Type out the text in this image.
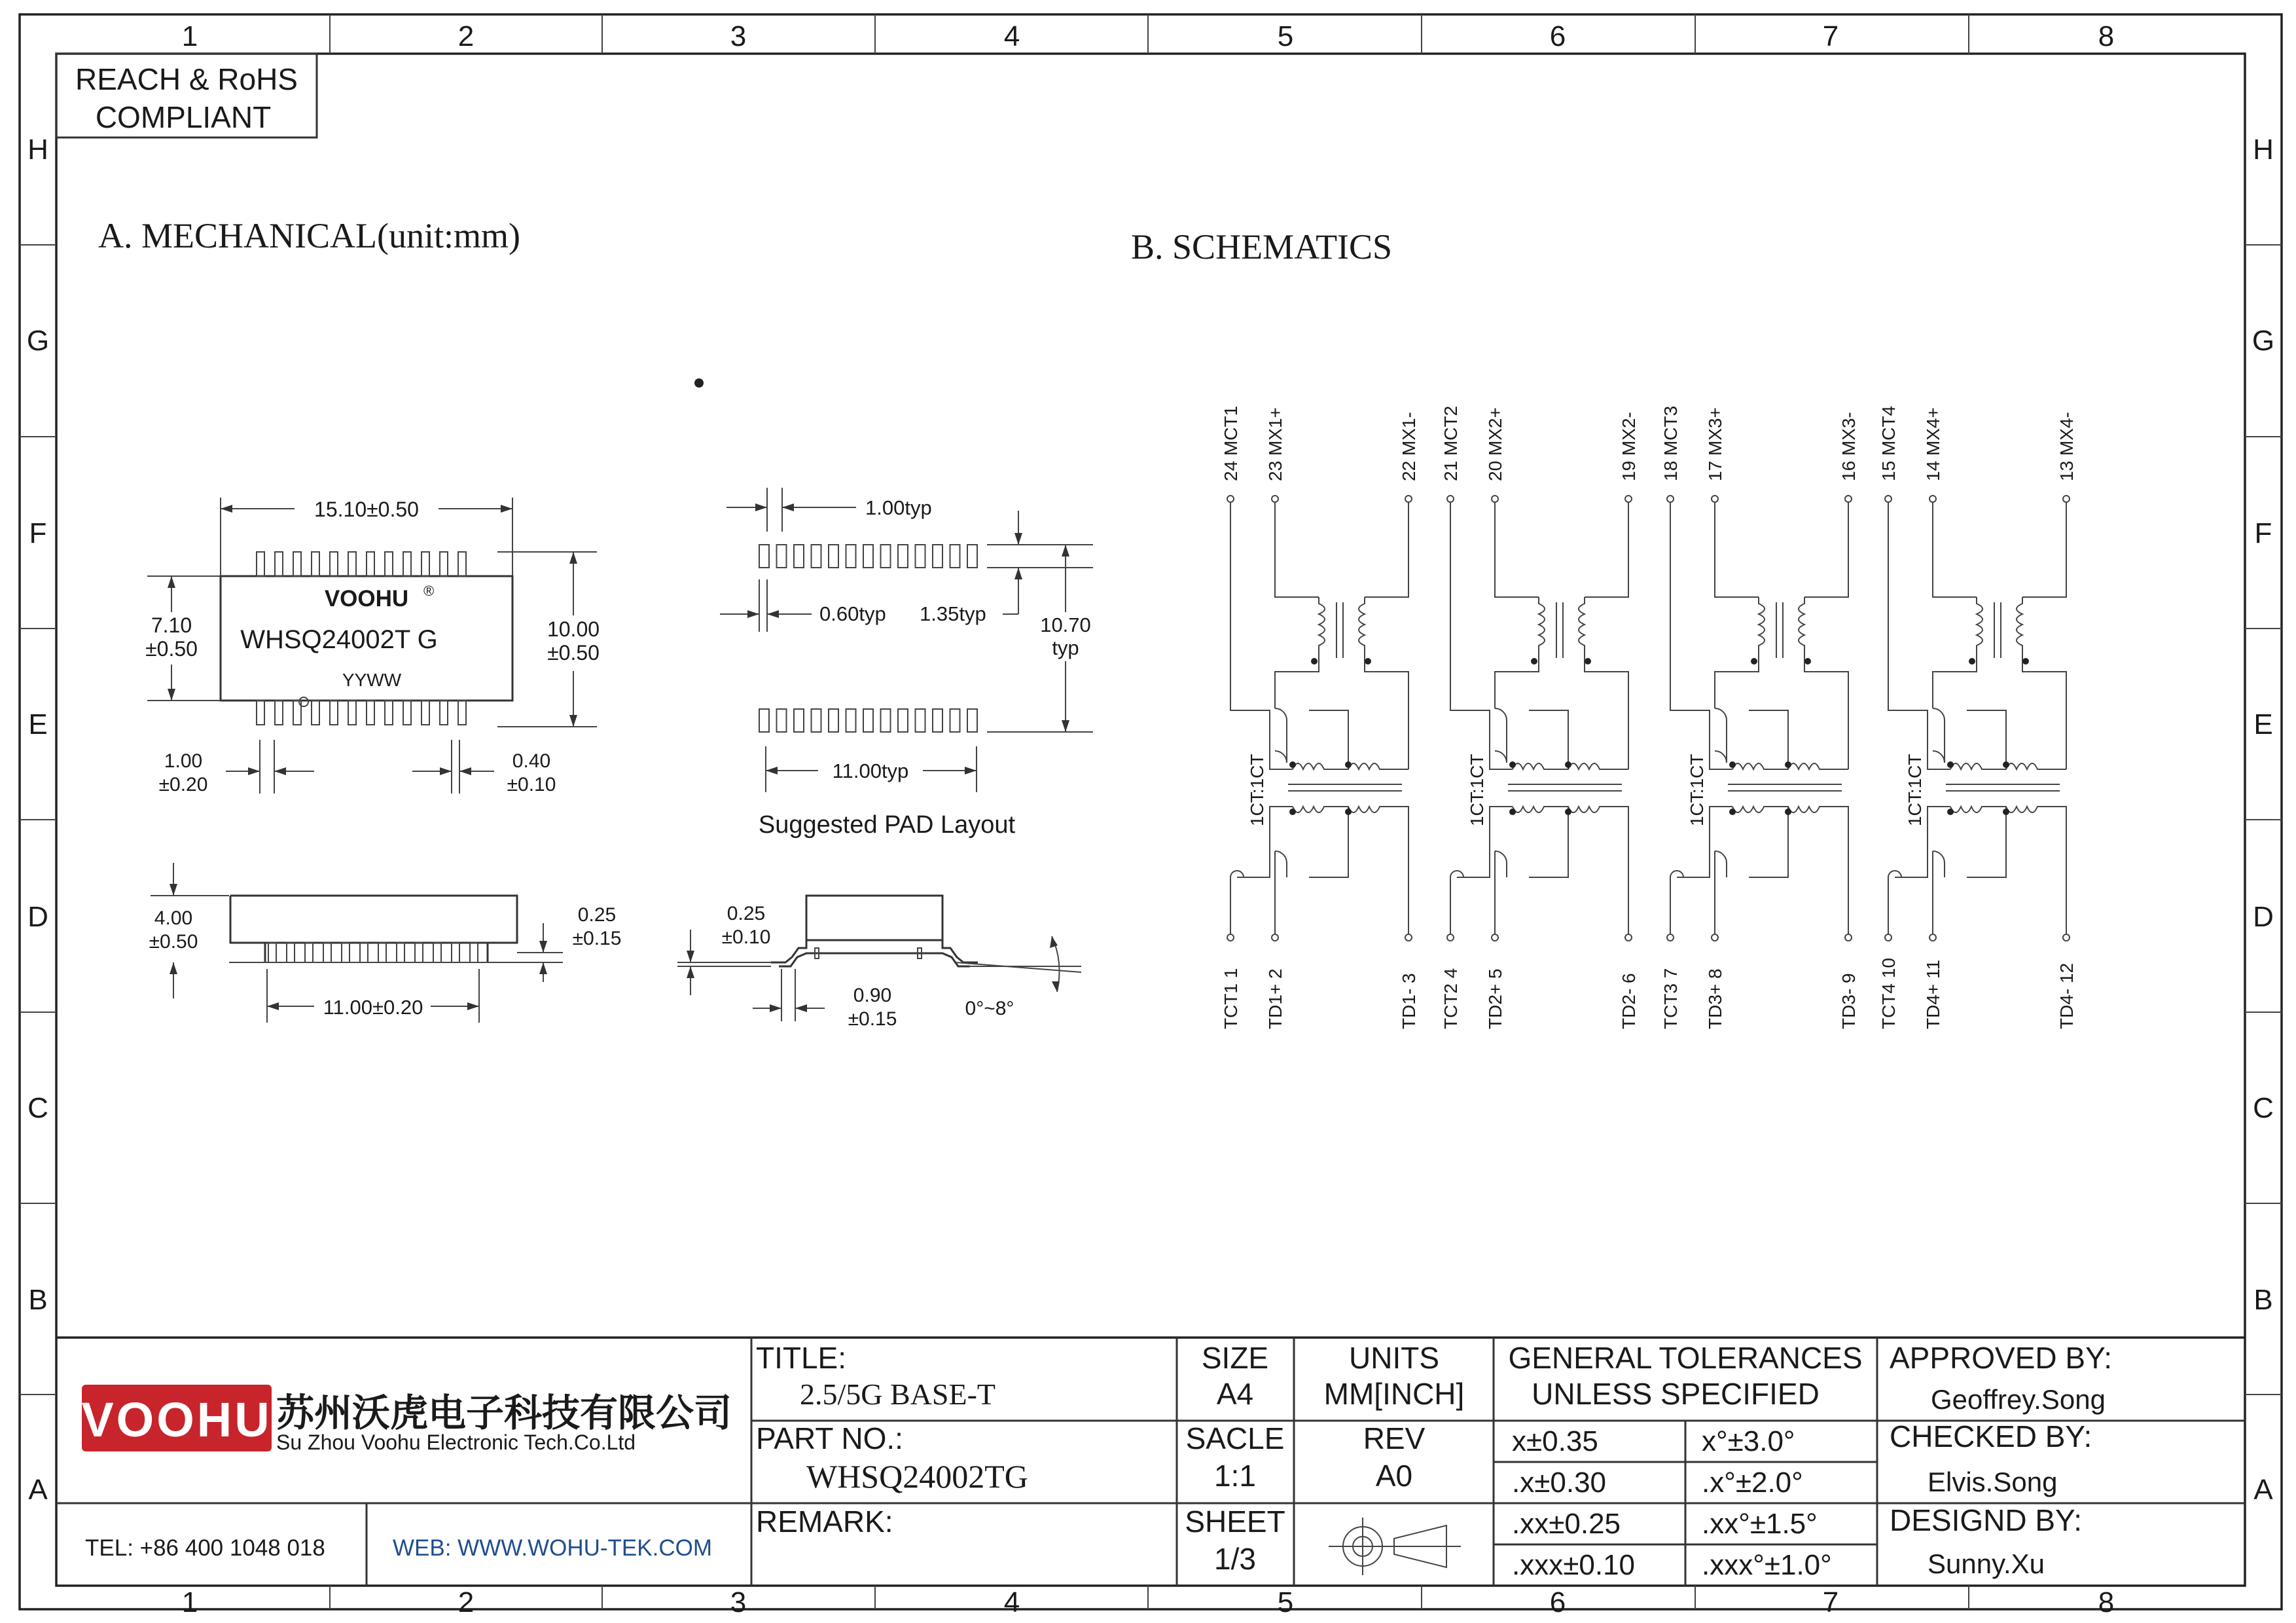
1
1
2
2
3
3
4
4
5
5
6
6
7
7
8
8
H	H
G	G
F	F
E	E
D	D
C	C
B	B
A	A
REACH & RoHS
COMPLIANT
A. MECHANICAL(unit:mm)	B. SCHEMATICS
VOOHU ®
WHSQ24002T G
YYWW
15.10±0.50
7.10
±0.50
10.00
±0.50
1.00
±0.20
0.40
±0.10
1.00typ
0.60typ 1.35typ	10.70
typ
11.00typ
Suggested PAD Layout
4.00
±0.50
0.25
±0.15
11.00±0.20
0.25
±0.10
0.90
±0.15	0°~8°
24 MCT1 23 MX1+	22 MX1-
TCT1 1 TD1+ 2	TD1- 3
1CT:1CT
21 MCT2 20 MX2+	19 MX2-
TCT2 4 TD2+ 5	TD2- 6
1CT:1CT
18 MCT3 17 MX3+	16 MX3-
TCT3 7 TD3+ 8	TD3- 9
1CT:1CT
15 MCT4 14 MX4+	13 MX4-
TCT4 10 TD4+ 11	TD4- 12
1CT:1CT
VOOHU 苏州沃虎电子科技有限公司
Su Zhou Voohu Electronic Tech.Co.Ltd
TEL: +86 400 1048 018	WEB: WWW.WOHU-TEK.COM
TITLE:
2.5/5G BASE-T
PART NO.:
WHSQ24002TG
REMARK:
SIZE
A4
SACLE
1:1
SHEET
1/3
UNITS
MM[INCH]
REV
A0
GENERAL TOLERANCES
UNLESS SPECIFIED
x±0.35	x°±3.0°
.x±0.30	.x°±2.0°
.xx±0.25	.xx°±1.5°
.xxx±0.10 .xxx°±1.0°
APPROVED BY:
Geoffrey.Song
CHECKED BY:
Elvis.Song
DESIGND BY:
Sunny.Xu
